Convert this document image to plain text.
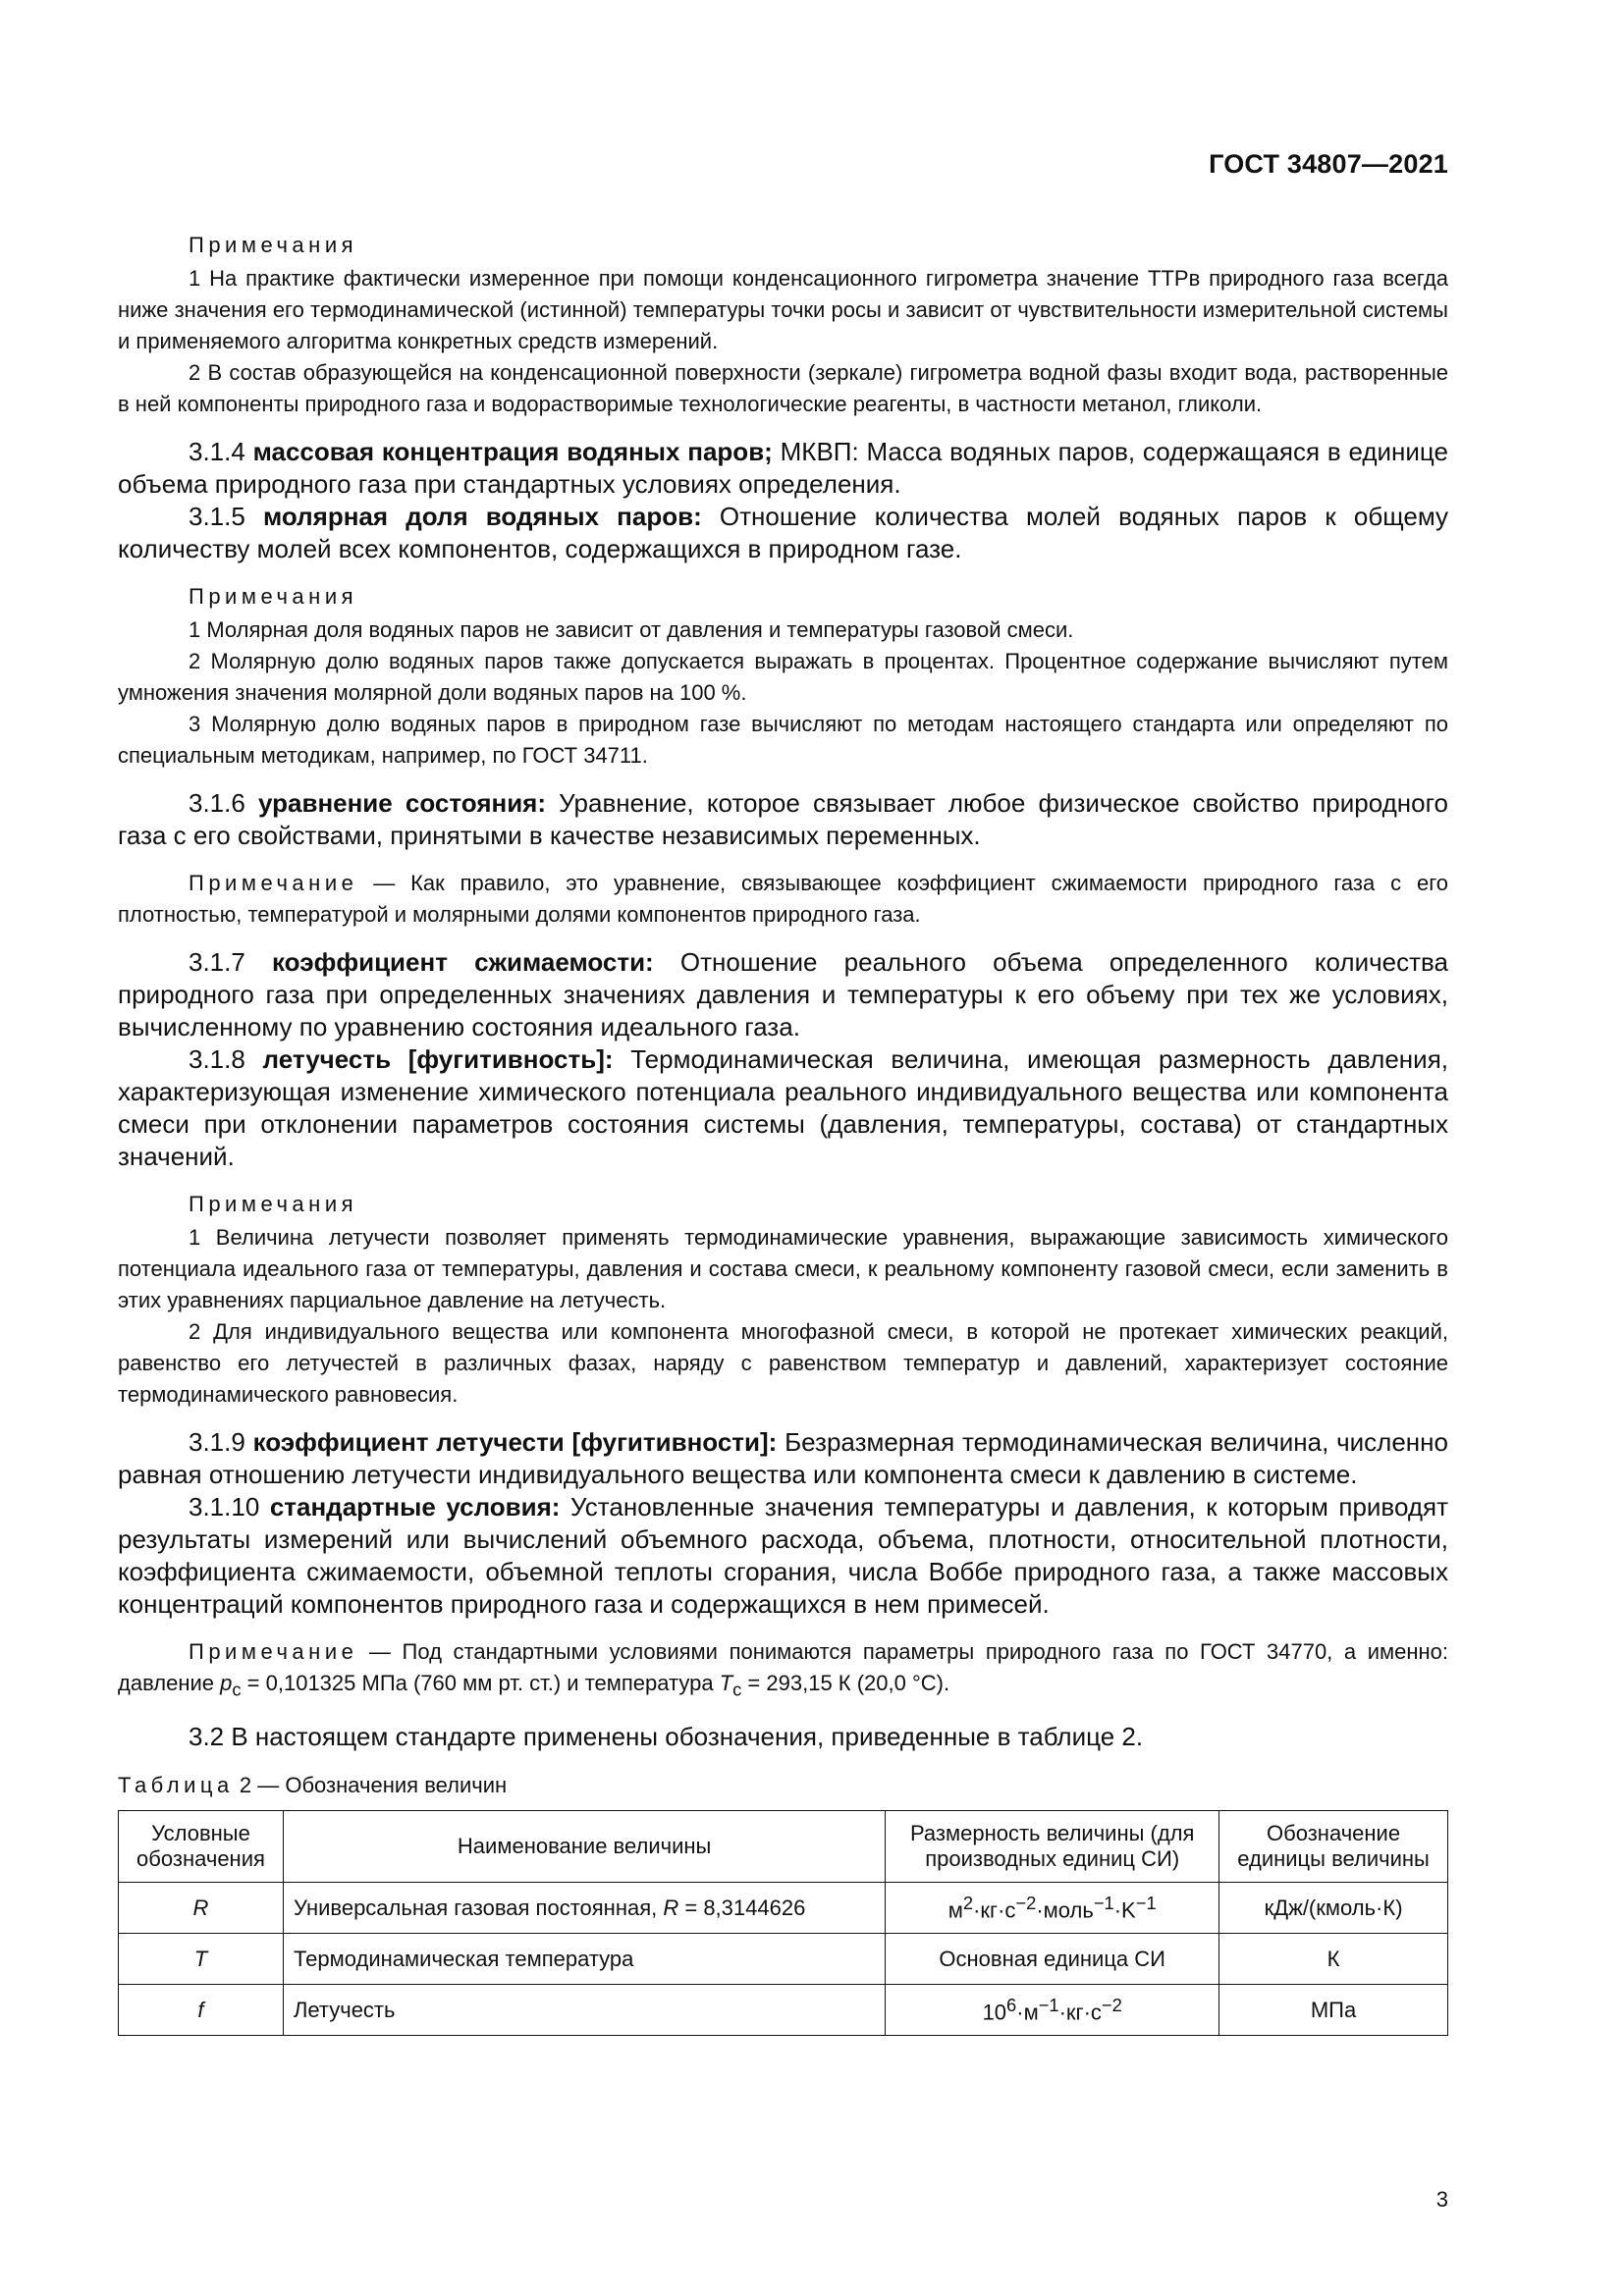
ГОСТ 34807—2021

Примечания

1 На практике фактически измеренное при помощи конденсационного гигрометра значение ТТРв природного газа всегда ниже значения его термодинамической (истинной) температуры точки росы и зависит от чувствительности измерительной системы и применяемого алгоритма конкретных средств измерений.

2 В состав образующейся на конденсационной поверхности (зеркале) гигрометра водной фазы входит вода, растворенные в ней компоненты природного газа и водорастворимые технологические реагенты, в частности метанол, гликоли.

3.1.4 массовая концентрация водяных паров; МКВП: Масса водяных паров, содержащаяся в единице объема природного газа при стандартных условиях определения.

3.1.5 молярная доля водяных паров: Отношение количества молей водяных паров к общему количеству молей всех компонентов, содержащихся в природном газе.

Примечания

1 Молярная доля водяных паров не зависит от давления и температуры газовой смеси.

2 Молярную долю водяных паров также допускается выражать в процентах. Процентное содержание вычисляют путем умножения значения молярной доли водяных паров на 100 %.

3 Молярную долю водяных паров в природном газе вычисляют по методам настоящего стандарта или определяют по специальным методикам, например, по ГОСТ 34711.

3.1.6 уравнение состояния: Уравнение, которое связывает любое физическое свойство природного газа с его свойствами, принятыми в качестве независимых переменных.

Примечание — Как правило, это уравнение, связывающее коэффициент сжимаемости природного газа с его плотностью, температурой и молярными долями компонентов природного газа.

3.1.7 коэффициент сжимаемости: Отношение реального объема определенного количества природного газа при определенных значениях давления и температуры к его объему при тех же условиях, вычисленному по уравнению состояния идеального газа.

3.1.8 летучесть [фугитивность]: Термодинамическая величина, имеющая размерность давления, характеризующая изменение химического потенциала реального индивидуального вещества или компонента смеси при отклонении параметров состояния системы (давления, температуры, состава) от стандартных значений.

Примечания

1 Величина летучести позволяет применять термодинамические уравнения, выражающие зависимость химического потенциала идеального газа от температуры, давления и состава смеси, к реальному компоненту газовой смеси, если заменить в этих уравнениях парциальное давление на летучесть.

2 Для индивидуального вещества или компонента многофазной смеси, в которой не протекает химических реакций, равенство его летучестей в различных фазах, наряду с равенством температур и давлений, характеризует состояние термодинамического равновесия.

3.1.9 коэффициент летучести [фугитивности]: Безразмерная термодинамическая величина, численно равная отношению летучести индивидуального вещества или компонента смеси к давлению в системе.

3.1.10 стандартные условия: Установленные значения температуры и давления, к которым приводят результаты измерений или вычислений объемного расхода, объема, плотности, относительной плотности, коэффициента сжимаемости, объемной теплоты сгорания, числа Воббе природного газа, а также массовых концентраций компонентов природного газа и содержащихся в нем примесей.

Примечание — Под стандартными условиями понимаются параметры природного газа по ГОСТ 34770, а именно: давление $p_с = 0,101325$ МПа (760 мм рт. ст.) и температура $T_с = 293,15$ К (20,0 °С).

3.2 В настоящем стандарте применены обозначения, приведенные в таблице 2.

Таблица 2 — Обозначения величин

Условные обозначения	Наименование величины	Размерность величины (для производных единиц СИ)	Обозначение единицы величины
R	Универсальная газовая постоянная, R = 8,3144626	$м^2\cdot кг\cdot с^{-2}\cdot моль^{-1}\cdot K^{-1}$	кДж/(кмоль·К)
T	Термодинамическая температура	Основная единица СИ	К
f	Летучесть	$10^6\cdot м^{-1}\cdot кг\cdot с^{-2}$	МПа
3
